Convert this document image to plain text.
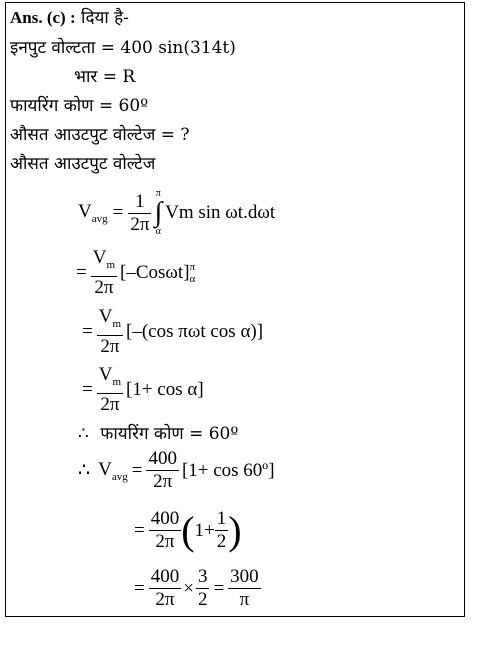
Ans. (c) : दिया है-
इनपुट वोल्टता = 400 sin(314t)
भार = R
फायरिंग कोण = 60º
औसत आउटपुट वोल्टेज = ?
औसत आउटपुट वोल्टेज
$V_{avg} = \frac{1}{2\pi}$ π
∫
α
Vm sin ωt.dωt
= $\frac{V_m}{2\pi} [-Cos\omega t]$ π
α
= $\frac{V_m}{2\pi} [-(\cos$ πωt cos α)]
= $\frac{V_m}{2\pi} [1+ \cos \alpha]$
∴ फायरिंग कोण = 60º
∴ $V_{avg} = \frac{400}{2\pi} [1+ \cos$ 60º]
= $\frac{400}{2\pi}$ ( $1+ \frac{1}{2}$ )
= $\frac{400}{2\pi} \times \frac{3}{2} = \frac{300}{\pi}$
